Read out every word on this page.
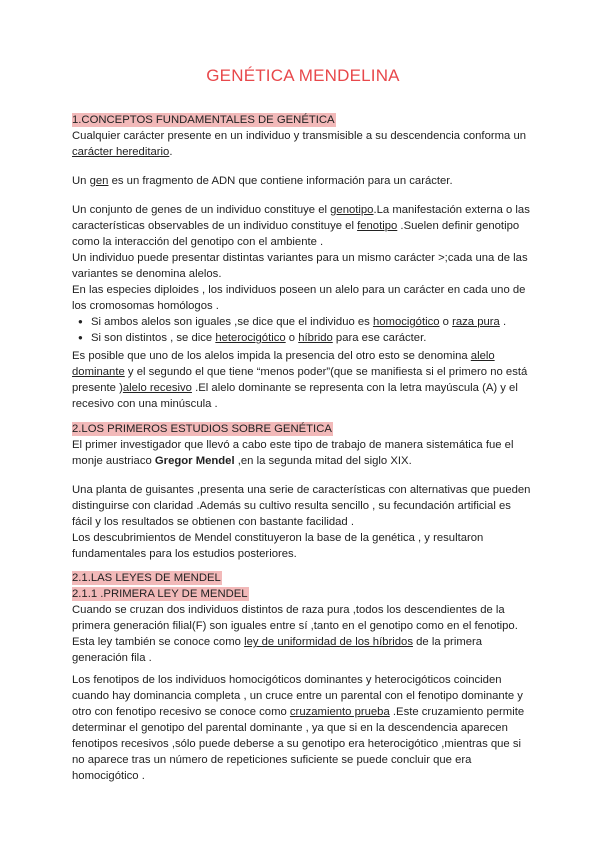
GENÉTICA MENDELINA
1.CONCEPTOS FUNDAMENTALES DE GENÉTICA

Cualquier carácter presente en un individuo y transmisible a su descendencia conforma un carácter hereditario.

Un gen es un fragmento de ADN que contiene información para un carácter.

Un conjunto de genes de un individuo constituye el genotipo.La manifestación externa o las características observables de un individuo constituye el fenotipo .Suelen definir genotipo como la interacción del genotipo con el ambiente .

Un individuo puede presentar distintas variantes para un mismo carácter >;cada una de las variantes se denomina alelos.

En las especies diploides , los individuos poseen un alelo para un carácter en cada uno de los cromosomas homólogos .

● Si ambos alelos son iguales ,se dice que el individuo es homocigótico o raza pura .
● Si son distintos , se dice heterocigótico o híbrido para ese carácter.
Es posible que uno de los alelos impida la presencia del otro esto se denomina alelo dominante y el segundo el que tiene “menos poder”(que se manifiesta si el primero no está presente )alelo recesivo .El alelo dominante se representa con la letra mayúscula (A) y el recesivo con una minúscula .
2.LOS PRIMEROS ESTUDIOS SOBRE GENÉTICA

El primer investigador que llevó a cabo este tipo de trabajo de manera sistemática fue el monje austriaco Gregor Mendel ,en la segunda mitad del siglo XIX.

Una planta de guisantes ,presenta una serie de características con alternativas que pueden distinguirse con claridad .Además su cultivo resulta sencillo , su fecundación artificial es fácil y los resultados se obtienen con bastante facilidad .

Los descubrimientos de Mendel constituyeron la base de la genética , y resultaron fundamentales para los estudios posteriores.

2.1.LAS LEYES DE MENDEL
2.1.1 .PRIMERA LEY DE MENDEL

Cuando se cruzan dos individuos distintos de raza pura ,todos los descendientes de la primera generación filial(F) son iguales entre sí ,tanto en el genotipo como en el fenotipo. Esta ley también se conoce como ley de uniformidad de los híbridos de la primera generación fila .

Los fenotipos de los individuos homocigóticos dominantes y heterocigóticos coinciden cuando hay dominancia completa , un cruce entre un parental con el fenotipo dominante y otro con fenotipo recesivo se conoce como cruzamiento prueba .Este cruzamiento permite determinar el genotipo del parental dominante , ya que si en la descendencia aparecen fenotipos recesivos ,sólo puede deberse a su genotipo era heterocigótico ,mientras que si no aparece tras un número de repeticiones suficiente se puede concluir que era homocigótico .
